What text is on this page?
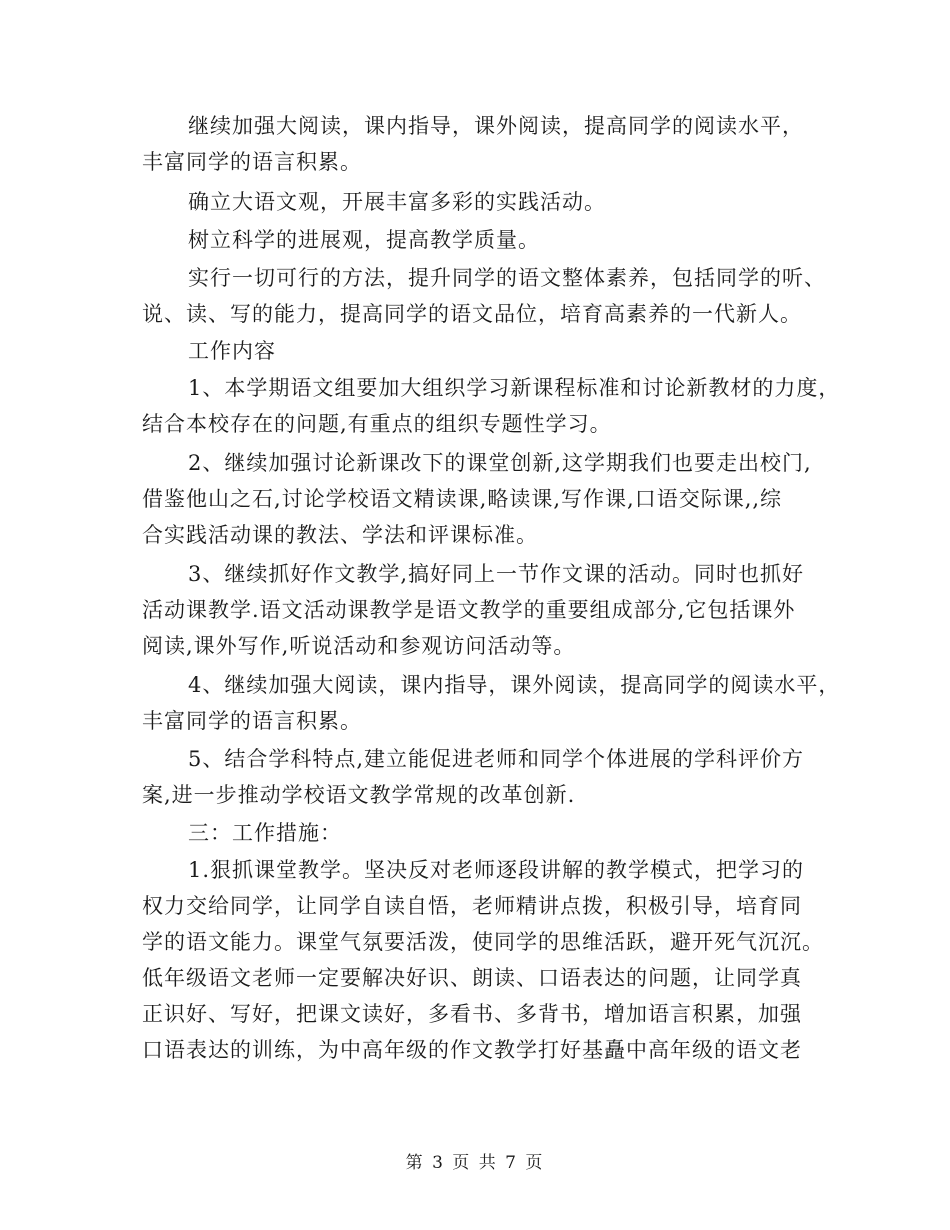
继续加强大阅读，课内指导，课外阅读，提高同学的阅读水平，
丰富同学的语言积累。
确立大语文观，开展丰富多彩的实践活动。
树立科学的进展观，提高教学质量。
实行一切可行的方法，提升同学的语文整体素养，包括同学的听、
说、读、写的能力，提高同学的语文品位，培育高素养的一代新人。
工作内容
1、本学期语文组要加大组织学习新课程标准和讨论新教材的力度，
结合本校存在的问题,有重点的组织专题性学习。
2、继续加强讨论新课改下的课堂创新,这学期我们也要走出校门,
借鉴他山之石,讨论学校语文精读课,略读课,写作课,口语交际课,,综
合实践活动课的教法、学法和评课标准。
3、继续抓好作文教学,搞好同上一节作文课的活动。同时也抓好
活动课教学.语文活动课教学是语文教学的重要组成部分,它包括课外
阅读,课外写作,听说活动和参观访问活动等。
4、继续加强大阅读，课内指导，课外阅读，提高同学的阅读水平，
丰富同学的语言积累。
5、结合学科特点,建立能促进老师和同学个体进展的学科评价方
案,进一步推动学校语文教学常规的改革创新.
三：工作措施：
1.狠抓课堂教学。坚决反对老师逐段讲解的教学模式，把学习的
权力交给同学，让同学自读自悟，老师精讲点拨，积极引导，培育同
学的语文能力。课堂气氛要活泼，使同学的思维活跃，避开死气沉沉。
低年级语文老师一定要解决好识、朗读、口语表达的问题，让同学真
正识好、写好，把课文读好，多看书、多背书，增加语言积累，加强
口语表达的训练，为中高年级的作文教学打好基矗中高年级的语文老
第 3 页 共 7 页
